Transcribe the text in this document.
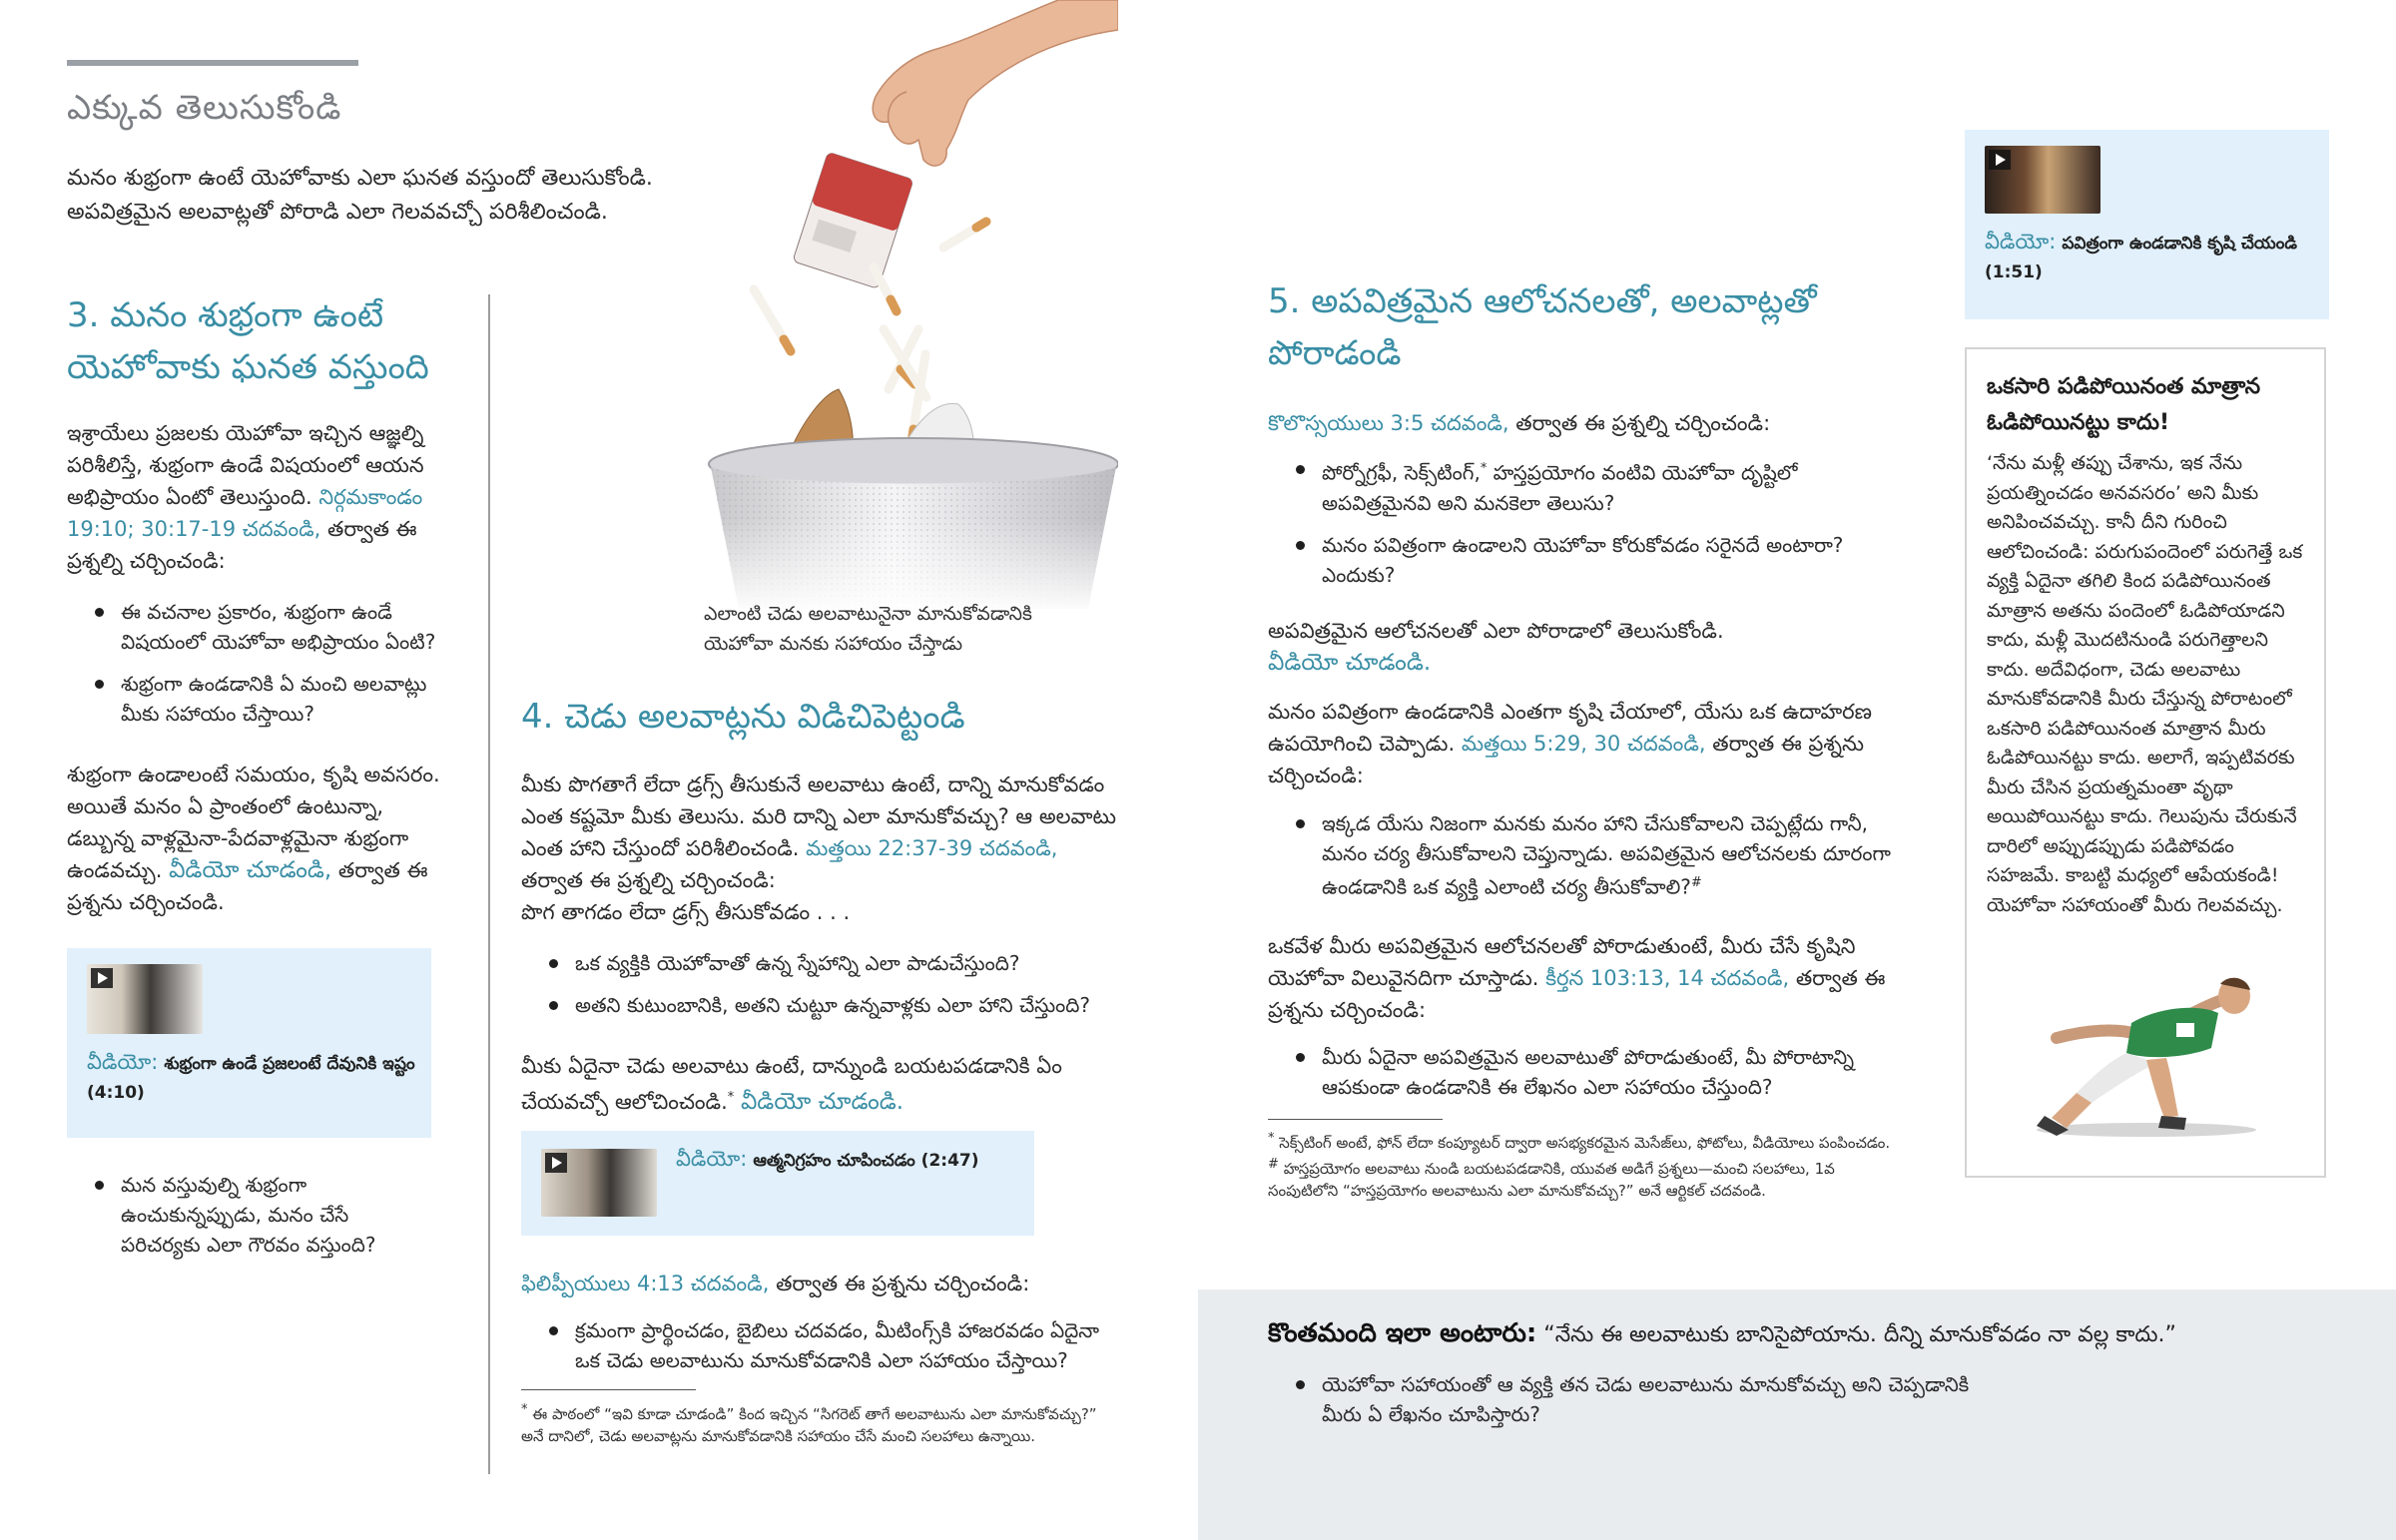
ఎక్కువ తెలుసుకోండి
మనం శుభ్రంగా ఉంటే యెహోవాకు ఎలా ఘనత వస్తుందో తెలుసుకోండి.
అపవిత్రమైన అలవాట్లతో పోరాడి ఎలా గెలవవచ్చో పరిశీలించండి.
3. మనం శుభ్రంగా ఉంటే
యెహోవాకు ఘనత వస్తుంది
ఇశ్రాయేలు ప్రజలకు యెహోవా ఇచ్చిన ఆజ్ఞల్ని పరిశీలిస్తే, శుభ్రంగా ఉండే విషయంలో ఆయన అభిప్రాయం ఏంటో తెలుస్తుంది. నిర్గమకాండం 19:10; 30:17-19 చదవండి, తర్వాత ఈ ప్రశ్నల్ని చర్చించండి:
ఈ వచనాల ప్రకారం, శుభ్రంగా ఉండే విషయంలో యెహోవా అభిప్రాయం ఏంటి?
శుభ్రంగా ఉండడానికి ఏ మంచి అలవాట్లు మీకు సహాయం చేస్తాయి?
శుభ్రంగా ఉండాలంటే సమయం, కృషి అవసరం. అయితే మనం ఏ ప్రాంతంలో ఉంటున్నా, డబ్బున్న వాళ్లమైనా-పేదవాళ్లమైనా శుభ్రంగా ఉండవచ్చు. వీడియో చూడండి, తర్వాత ఈ ప్రశ్నను చర్చించండి.
వీడియో: శుభ్రంగా ఉండే ప్రజలంటే దేవునికి ఇష్టం (4:10)
మన వస్తువుల్ని శుభ్రంగా ఉంచుకున్నప్పుడు, మనం చేసే పరిచర్యకు ఎలా గౌరవం వస్తుంది?
ఎలాంటి చెడు అలవాటునైనా మానుకోవడానికి
యెహోవా మనకు సహాయం చేస్తాడు
4. చెడు అలవాట్లను విడిచిపెట్టండి
మీకు పొగతాగే లేదా డ్రగ్స్ తీసుకునే అలవాటు ఉంటే, దాన్ని మానుకోవడం ఎంత కష్టమో మీకు తెలుసు. మరి దాన్ని ఎలా మానుకోవచ్చు? ఆ అలవాటు ఎంత హాని చేస్తుందో పరిశీలించండి. మత్తయి 22:37-39 చదవండి, తర్వాత ఈ ప్రశ్నల్ని చర్చించండి:
పొగ తాగడం లేదా డ్రగ్స్ తీసుకోవడం . . .
ఒక వ్యక్తికి యెహోవాతో ఉన్న స్నేహాన్ని ఎలా పాడుచేస్తుంది?
అతని కుటుంబానికి, అతని చుట్టూ ఉన్నవాళ్లకు ఎలా హాని చేస్తుంది?
మీకు ఏదైనా చెడు అలవాటు ఉంటే, దాన్నుండి బయటపడడానికి ఏం చేయవచ్చో ఆలోచించండి.* వీడియో చూడండి.
వీడియో: ఆత్మనిగ్రహం చూపించడం (2:47)
ఫిలిప్పీయులు 4:13 చదవండి, తర్వాత ఈ ప్రశ్నను చర్చించండి:
క్రమంగా ప్రార్థించడం, బైబిలు చదవడం, మీటింగ్స్‌కి హాజరవడం ఏదైనా ఒక చెడు అలవాటును మానుకోవడానికి ఎలా సహాయం చేస్తాయి?
* ఈ పాఠంలో “ఇవి కూడా చూడండి” కింద ఇచ్చిన “సిగరెట్ తాగే అలవాటును ఎలా మానుకోవచ్చు?” అనే దానిలో, చెడు అలవాట్లను మానుకోవడానికి సహాయం చేసే మంచి సలహాలు ఉన్నాయి.
5. అపవిత్రమైన ఆలోచనలతో, అలవాట్లతో
పోరాడండి
కొలొస్సయులు 3:5 చదవండి, తర్వాత ఈ ప్రశ్నల్ని చర్చించండి:
పోర్నోగ్రఫీ, సెక్స్‌టింగ్,* హస్తప్రయోగం వంటివి యెహోవా దృష్టిలో అపవిత్రమైనవి అని మనకెలా తెలుసు?
మనం పవిత్రంగా ఉండాలని యెహోవా కోరుకోవడం సరైనదే అంటారా? ఎందుకు?
అపవిత్రమైన ఆలోచనలతో ఎలా పోరాడాలో తెలుసుకోండి.
వీడియో చూడండి.
మనం పవిత్రంగా ఉండడానికి ఎంతగా కృషి చేయాలో, యేసు ఒక ఉదాహరణ ఉపయోగించి చెప్పాడు. మత్తయి 5:29, 30 చదవండి, తర్వాత ఈ ప్రశ్నను చర్చించండి:
ఇక్కడ యేసు నిజంగా మనకు మనం హాని చేసుకోవాలని చెప్పట్లేదు గానీ, మనం చర్య తీసుకోవాలని చెప్తున్నాడు. అపవిత్రమైన ఆలోచనలకు దూరంగా ఉండడానికి ఒక వ్యక్తి ఎలాంటి చర్య తీసుకోవాలి?#
ఒకవేళ మీరు అపవిత్రమైన ఆలోచనలతో పోరాడుతుంటే, మీరు చేసే కృషిని యెహోవా విలువైనదిగా చూస్తాడు. కీర్తన 103:13, 14 చదవండి, తర్వాత ఈ ప్రశ్నను చర్చించండి:
మీరు ఏదైనా అపవిత్రమైన అలవాటుతో పోరాడుతుంటే, మీ పోరాటాన్ని ఆపకుండా ఉండడానికి ఈ లేఖనం ఎలా సహాయం చేస్తుంది?
* సెక్స్‌టింగ్ అంటే, ఫోన్ లేదా కంప్యూటర్ ద్వారా అసభ్యకరమైన మెసేజ్‌లు, ఫోటోలు, వీడియోలు పంపించడం.
# హస్తప్రయోగం అలవాటు నుండి బయటపడడానికి, యువత అడిగే ప్రశ్నలు—మంచి సలహాలు, 1వ సంపుటిలోని “హస్తప్రయోగం అలవాటును ఎలా మానుకోవచ్చు?” అనే ఆర్టికల్ చదవండి.
వీడియో: పవిత్రంగా ఉండడానికి కృషి చేయండి (1:51)
ఒకసారి పడిపోయినంత మాత్రాన ఓడిపోయినట్టు కాదు!
‘నేను మళ్లీ తప్పు చేశాను, ఇక నేను ప్రయత్నించడం అనవసరం’ అని మీకు అనిపించవచ్చు. కానీ దీని గురించి ఆలోచించండి: పరుగుపందెంలో పరుగెత్తే ఒక వ్యక్తి ఏదైనా తగిలి కింద పడిపోయినంత మాత్రాన అతను పందెంలో ఓడిపోయాడని కాదు, మళ్లీ మొదటినుండి పరుగెత్తాలని కాదు. అదేవిధంగా, చెడు అలవాటు మానుకోవడానికి మీరు చేస్తున్న పోరాటంలో ఒకసారి పడిపోయినంత మాత్రాన మీరు ఓడిపోయినట్టు కాదు. అలాగే, ఇప్పటివరకు మీరు చేసిన ప్రయత్నమంతా వృథా అయిపోయినట్టు కాదు. గెలుపును చేరుకునే దారిలో అప్పుడప్పుడు పడిపోవడం సహజమే. కాబట్టి మధ్యలో ఆపేయకండి! యెహోవా సహాయంతో మీరు గెలవవచ్చు.
కొంతమంది ఇలా అంటారు: “నేను ఈ అలవాటుకు బానిసైపోయాను. దీన్ని మానుకోవడం నా వల్ల కాదు.”
యెహోవా సహాయంతో ఆ వ్యక్తి తన చెడు అలవాటును మానుకోవచ్చు అని చెప్పడానికి మీరు ఏ లేఖనం చూపిస్తారు?
